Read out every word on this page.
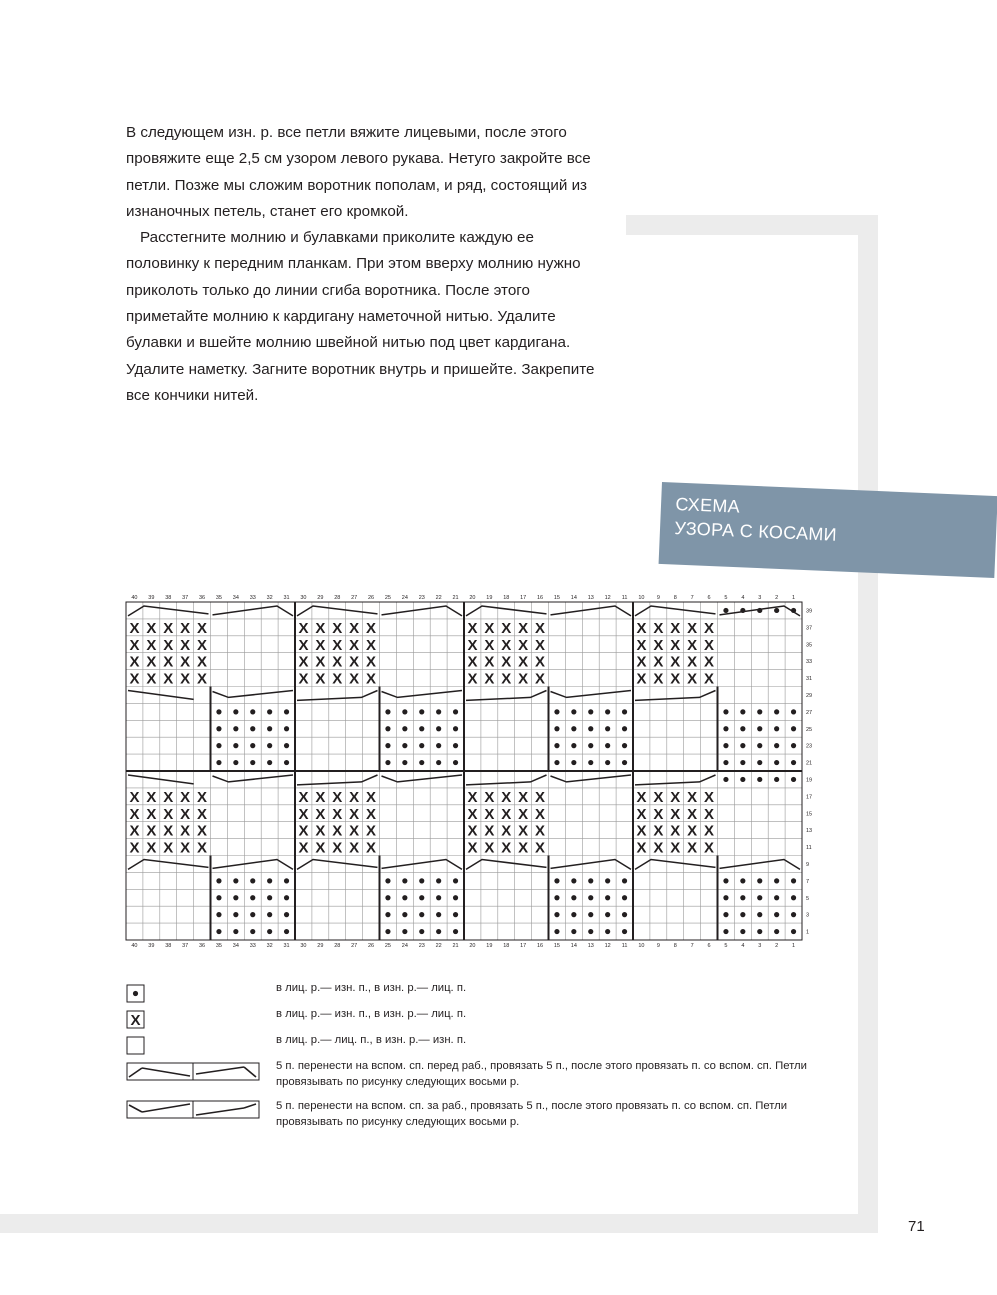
В следующем изн. р. все петли вяжите лицевыми, после этого провяжите еще 2,5 см узором левого рукава. Нетуго закройте все петли. Позже мы сложим воротник пополам, и ряд, состоящий из изнаночных петель, станет его кромкой.

Расстегните молнию и булавками приколите каждую ее половинку к передним планкам. При этом вверху молнию нужно приколоть только до линии сгиба воротника. После этого приметайте молнию к кардигану наметочной нитью. Удалите булавки и вшейте молнию швейной нитью под цвет кардигана. Удалите наметку. Загните воротник внутрь и пришейте. Закрепите все кончики нитей.

СХЕМА
УЗОРА С КОСАМИ
X X X X X	X X X X X	X X X X X	X X X X X
X X X X X	X X X X X	X X X X X	X X X X X
X X X X X	X X X X X	X X X X X	X X X X X
X X X X X	X X X X X	X X X X X	X X X X X
X X X X X	X X X X X	X X X X X	X X X X X
X X X X X	X X X X X	X X X X X	X X X X X
X X X X X	X X X X X	X X X X X	X X X X X
X X X X X	X X X X X	X X X X X	X X X X X
40
40
39
39
38
38
37
37
36
36
35
35
34
34
33
33
32
32
31
31
30
30
29
29
28
28
27
27
26
26
25
25
24
24
23
23
22
22
21
21
20
20
19
19
18
18
17
17
16
16
15
15
14
14
13
13
12
12
11
11
10
10
9
9
8
8
7
7
6
6
5
5
4
4
3
3
2
2
1
1
39
37
35
33
31
29
27
25
23
21
19
17
15
13
11
9
7
5
3
1
в лиц. р.— изн. п., в изн. р.— лиц. п.
X	в лиц. р.— изн. п., в изн. р.— лиц. п.
в лиц. р.— лиц. п., в изн. р.— изн. п.
5 п. перенести на вспом. сп. перед раб., провязать 5 п., после этого провязать п. со вспом. сп. Петли провязывать по рисунку следующих восьми р.
5 п. перенести на вспом. сп. за раб., провязать 5 п., после этого провязать п. со вспом. сп. Петли провязывать по рисунку следующих восьми р.
71
